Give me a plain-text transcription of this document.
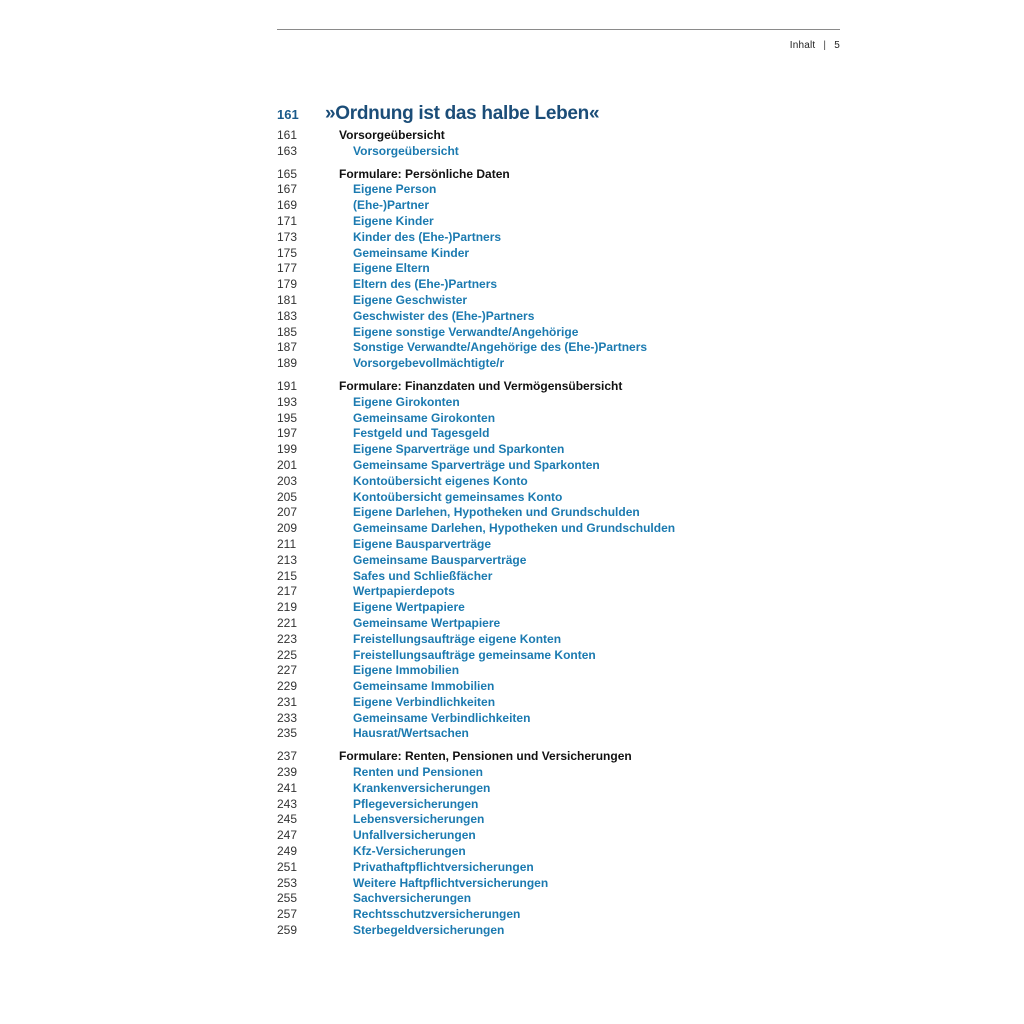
Inhalt | 5
161	»Ordnung ist das halbe Leben«
161	Vorsorgeübersicht
163	Vorsorgeübersicht
165	Formulare: Persönliche Daten
167	Eigene Person
169	(Ehe-)Partner
171	Eigene Kinder
173	Kinder des (Ehe-)Partners
175	Gemeinsame Kinder
177	Eigene Eltern
179	Eltern des (Ehe-)Partners
181	Eigene Geschwister
183	Geschwister des (Ehe-)Partners
185	Eigene sonstige Verwandte/Angehörige
187	Sonstige Verwandte/Angehörige des (Ehe-)Partners
189	Vorsorgebevollmächtigte/r
191	Formulare: Finanzdaten und Vermögensübersicht
193	Eigene Girokonten
195	Gemeinsame Girokonten
197	Festgeld und Tagesgeld
199	Eigene Sparverträge und Sparkonten
201	Gemeinsame Sparverträge und Sparkonten
203	Kontoübersicht eigenes Konto
205	Kontoübersicht gemeinsames Konto
207	Eigene Darlehen, Hypotheken und Grundschulden
209	Gemeinsame Darlehen, Hypotheken und Grundschulden
211	Eigene Bausparverträge
213	Gemeinsame Bausparverträge
215	Safes und Schließfächer
217	Wertpapierdepots
219	Eigene Wertpapiere
221	Gemeinsame Wertpapiere
223	Freistellungsaufträge eigene Konten
225	Freistellungsaufträge gemeinsame Konten
227	Eigene Immobilien
229	Gemeinsame Immobilien
231	Eigene Verbindlichkeiten
233	Gemeinsame Verbindlichkeiten
235	Hausrat/Wertsachen
237	Formulare: Renten, Pensionen und Versicherungen
239	Renten und Pensionen
241	Krankenversicherungen
243	Pflegeversicherungen
245	Lebensversicherungen
247	Unfallversicherungen
249	Kfz-Versicherungen
251	Privathaftpflichtversicherungen
253	Weitere Haftpflichtversicherungen
255	Sachversicherungen
257	Rechtsschutzversicherungen
259	Sterbegeldversicherungen
